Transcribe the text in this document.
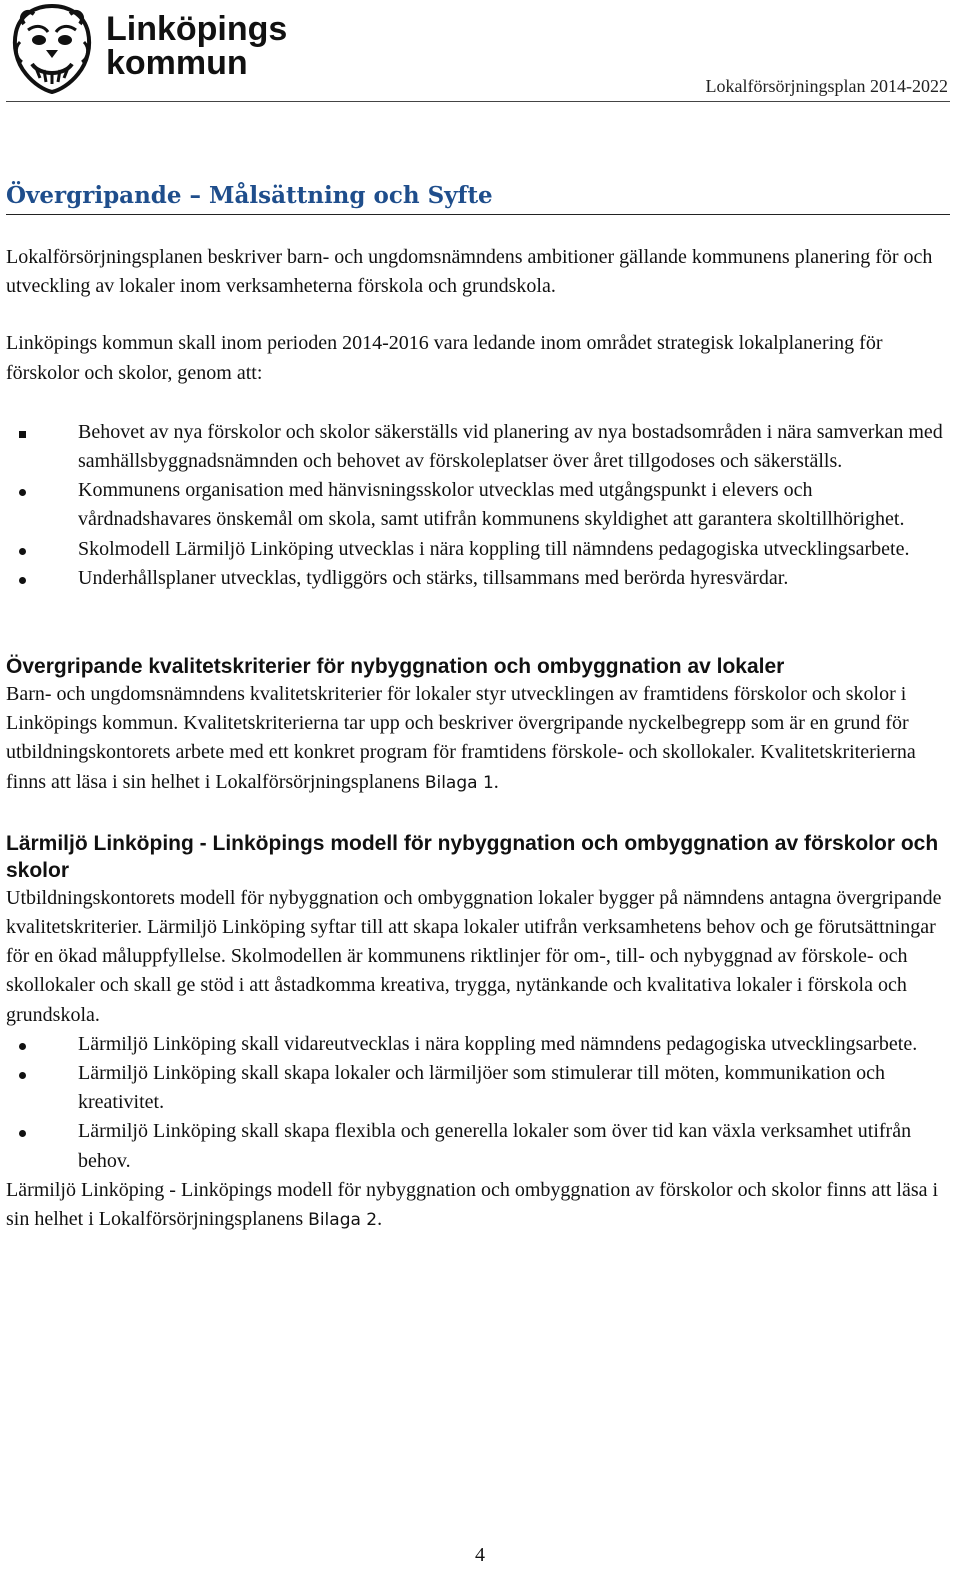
Linköpings
kommun
Lokalförsörjningsplan 2014-2022
Övergripande – Målsättning och Syfte

Lokalförsörjningsplanen beskriver barn- och ungdomsnämndens ambitioner gällande kommunens planering för och utveckling av lokaler inom verksamheterna förskola och grundskola.

Linköpings kommun skall inom perioden 2014-2016 vara ledande inom området strategisk lokalplanering för förskolor och skolor, genom att:

Behovet av nya förskolor och skolor säkerställs vid planering av nya bostadsområden i nära samverkan med samhällsbyggnadsnämnden och behovet av förskoleplatser över året tillgodoses och säkerställs.
Kommunens organisation med hänvisningsskolor utvecklas med utgångspunkt i elevers och vårdnadshavares önskemål om skola, samt utifrån kommunens skyldighet att garantera skoltillhörighet.
Skolmodell Lärmiljö Linköping utvecklas i nära koppling till nämndens pedagogiska utvecklingsarbete.
Underhållsplaner utvecklas, tydliggörs och stärks, tillsammans med berörda hyresvärdar.
Övergripande kvalitetskriterier för nybyggnation och ombyggnation av lokaler

Barn- och ungdomsnämndens kvalitetskriterier för lokaler styr utvecklingen av framtidens förskolor och skolor i Linköpings kommun. Kvalitetskriterierna tar upp och beskriver övergripande nyckelbegrepp som är en grund för utbildningskontorets arbete med ett konkret program för framtidens förskole- och skollokaler. Kvalitetskriterierna finns att läsa i sin helhet i Lokalförsörjningsplanens Bilaga 1.

Lärmiljö Linköping - Linköpings modell för nybyggnation och ombyggnation av förskolor och skolor

Utbildningskontorets modell för nybyggnation och ombyggnation lokaler bygger på nämndens antagna övergripande kvalitetskriterier. Lärmiljö Linköping syftar till att skapa lokaler utifrån verksamhetens behov och ge förutsättningar för en ökad måluppfyllelse. Skolmodellen är kommunens riktlinjer för om-, till- och nybyggnad av förskole- och skollokaler och skall ge stöd i att åstadkomma kreativa, trygga, nytänkande och kvalitativa lokaler i förskola och grundskola.

Lärmiljö Linköping skall vidareutvecklas i nära koppling med nämndens pedagogiska utvecklingsarbete.
Lärmiljö Linköping skall skapa lokaler och lärmiljöer som stimulerar till möten, kommunikation och kreativitet.
Lärmiljö Linköping skall skapa flexibla och generella lokaler som över tid kan växla verksamhet utifrån behov.

Lärmiljö Linköping - Linköpings modell för nybyggnation och ombyggnation av förskolor och skolor finns att läsa i sin helhet i Lokalförsörjningsplanens Bilaga 2.

4
